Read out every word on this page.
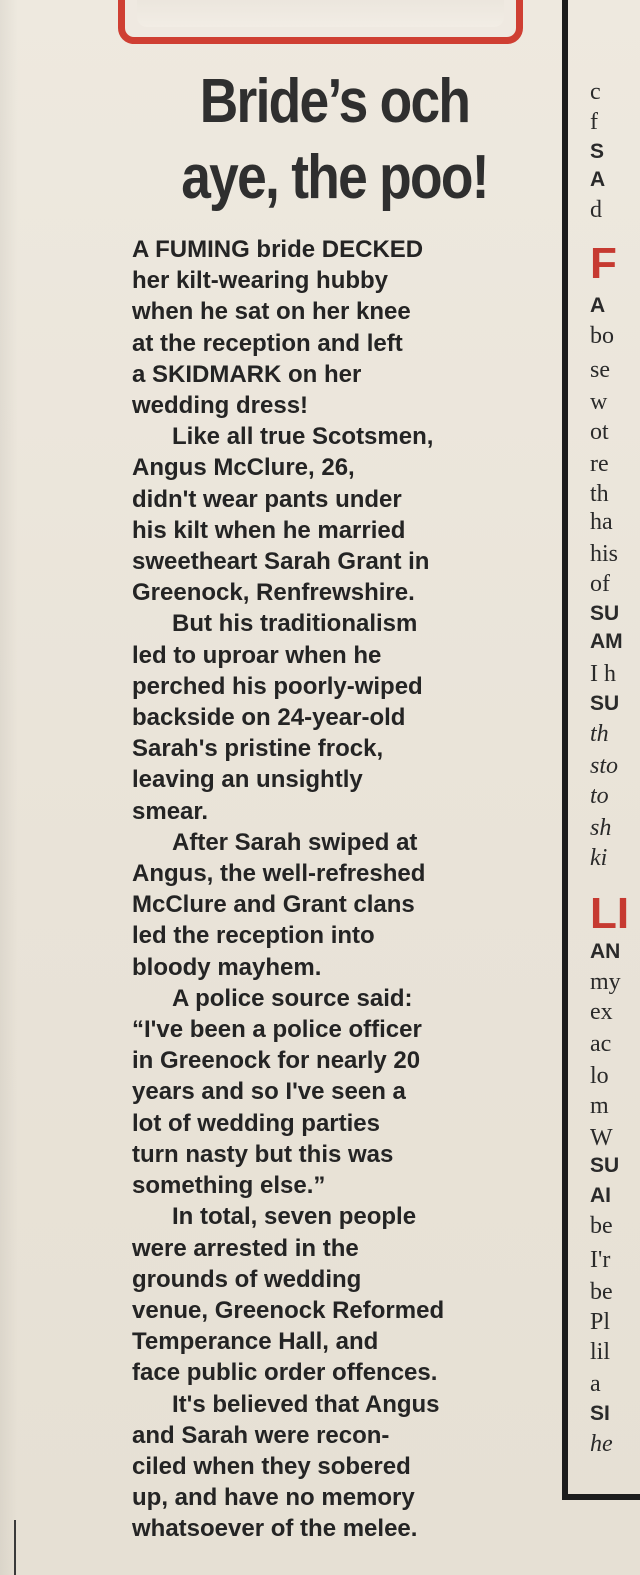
Bride’s och
aye, the poo!
A FUMING bride DECKED
her kilt-wearing hubby
when he sat on her knee
at the reception and left
a SKIDMARK on her
wedding dress!
Like all true Scotsmen,
Angus McClure, 26,
didn't wear pants under
his kilt when he married
sweetheart Sarah Grant in
Greenock, Renfrewshire.
But his traditionalism
led to uproar when he
perched his poorly-wiped
backside on 24-year-old
Sarah's pristine frock,
leaving an unsightly
smear.
After Sarah swiped at
Angus, the well-refreshed
McClure and Grant clans
led the reception into
bloody mayhem.
A police source said:
“I've been a police officer
in Greenock for nearly 20
years and so I've seen a
lot of wedding parties
turn nasty but this was
something else.”
In total, seven people
were arrested in the
grounds of wedding
venue, Greenock Reformed
Temperance Hall, and
face public order offences.
It's believed that Angus
and Sarah were recon-
ciled when they sobered
up, and have no memory
whatsoever of the melee.
c
f
S
A
d
F
A
bo
se
w
ot
re
th
ha
his
of
SU
AM
I h
SU
th
sto
to
sh
ki
LI
AN
my
ex
ac
lo
m
W
SU
AI
be
I'r
be
Pl
lil
a
SI
he
